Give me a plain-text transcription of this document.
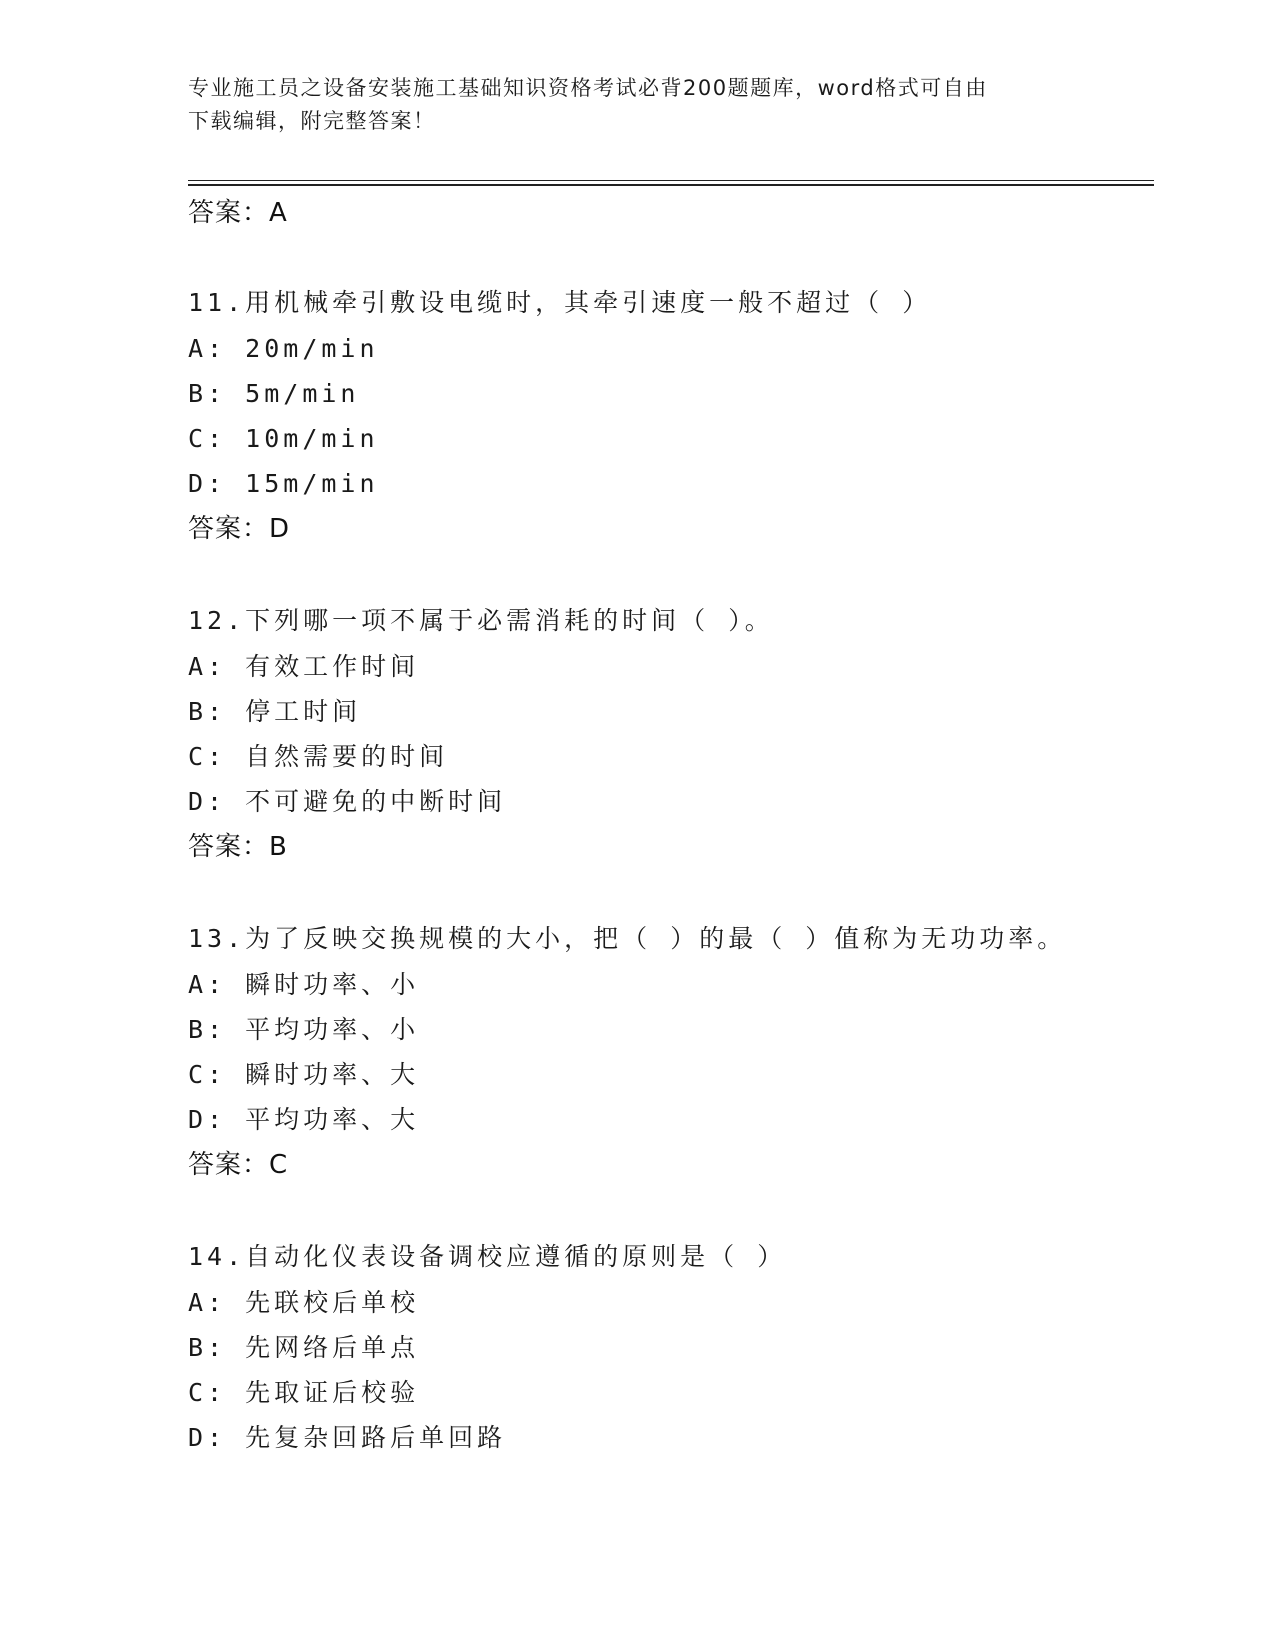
专业施工员之设备安装施工基础知识资格考试必背200题题库，word格式可自由
下载编辑，附完整答案！
答案：A
11.用机械牵引敷设电缆时，其牵引速度一般不超过（ ）
A: 20m/min
B: 5m/min
C: 10m/min
D: 15m/min
答案：D
12.下列哪一项不属于必需消耗的时间（ ）。
A: 有效工作时间
B: 停工时间
C: 自然需要的时间
D: 不可避免的中断时间
答案：B
13.为了反映交换规模的大小，把（ ）的最（ ）值称为无功功率。
A: 瞬时功率、小
B: 平均功率、小
C: 瞬时功率、大
D: 平均功率、大
答案：C
14.自动化仪表设备调校应遵循的原则是（ ）
A: 先联校后单校
B: 先网络后单点
C: 先取证后校验
D: 先复杂回路后单回路
